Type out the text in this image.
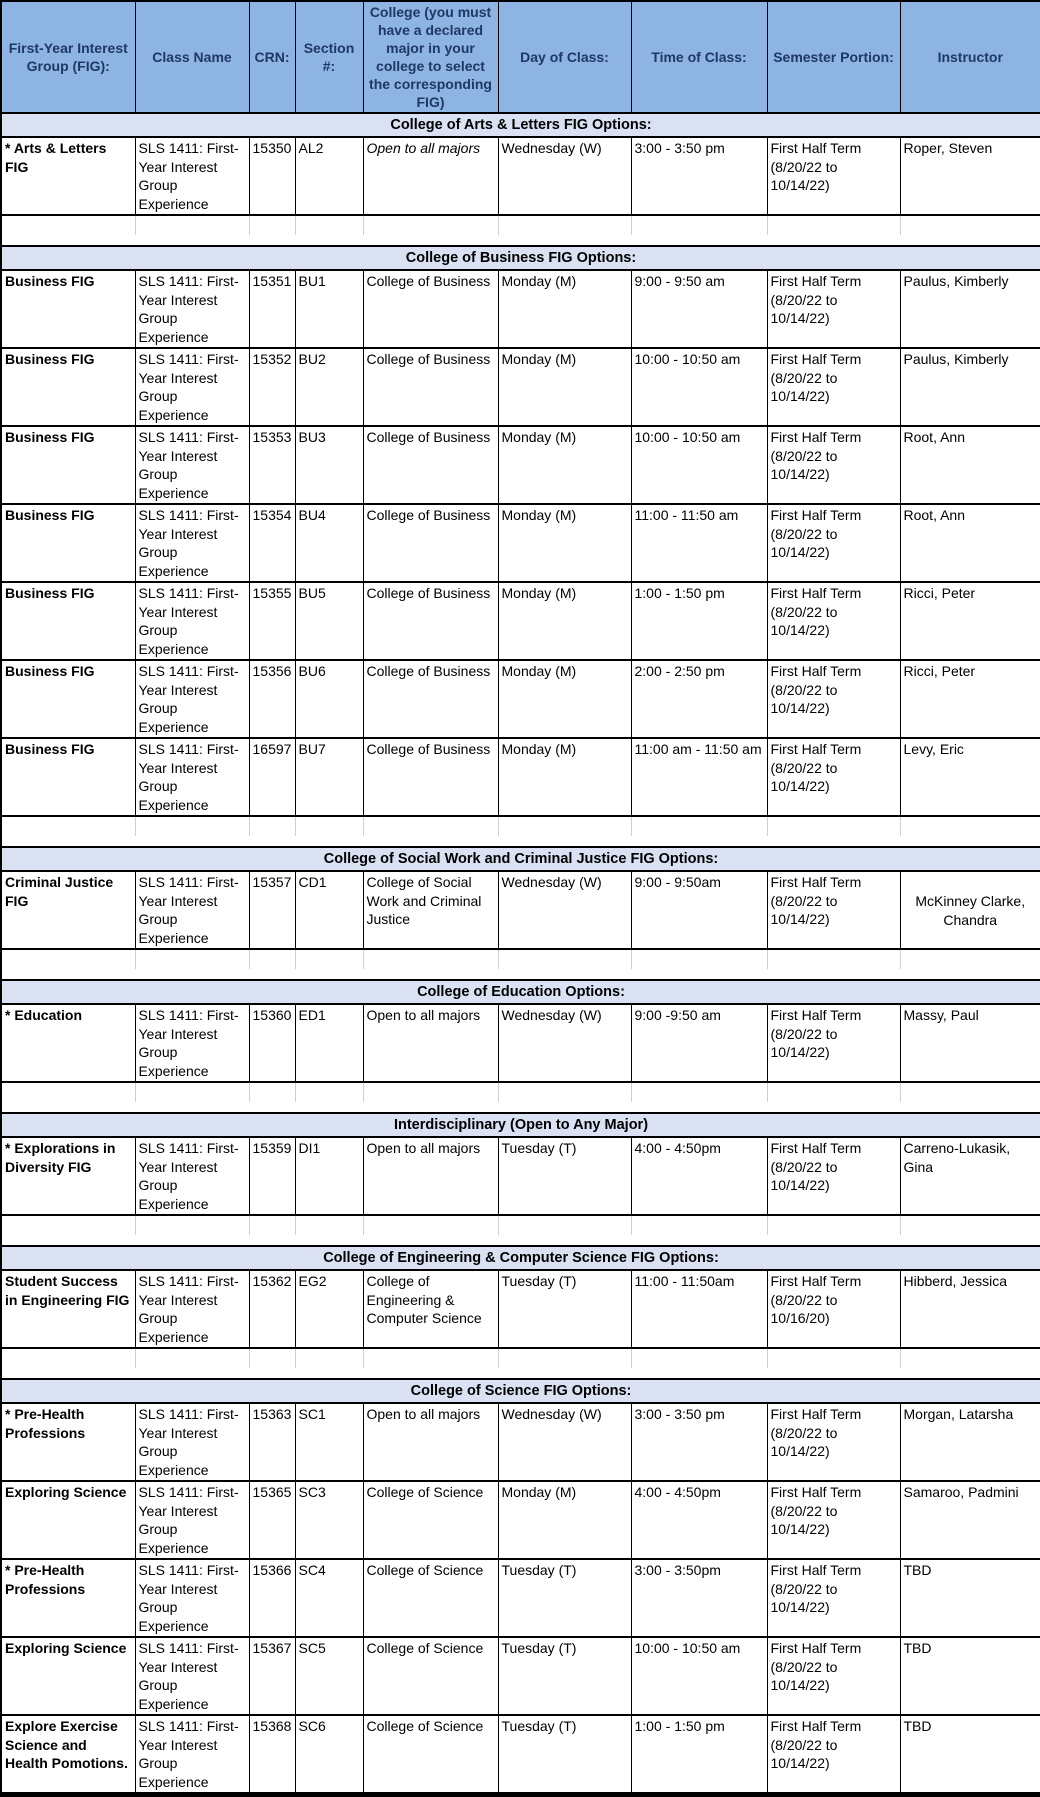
First-Year Interest Group (FIG):	Class Name	CRN:	Section #:	College (you must have a declared major in your college to select the corresponding FIG)	Day of Class:	Time of Class:	Semester Portion:	Instructor
College of Arts & Letters FIG Options:								
* Arts & Letters FIG	SLS 1411: First-Year Interest Group Experience	15350	AL2	Open to all majors	Wednesday (W)	3:00 - 3:50 pm	First Half Term (8/20/22 to 10/14/22)	Roper, Steven

College of Business FIG Options:								
Business FIG	SLS 1411: First-Year Interest Group Experience	15351	BU1	College of Business	Monday (M)	9:00 - 9:50 am	First Half Term (8/20/22 to 10/14/22)	Paulus, Kimberly
Business FIG	SLS 1411: First-Year Interest Group Experience	15352	BU2	College of Business	Monday (M)	10:00 - 10:50 am	First Half Term (8/20/22 to 10/14/22)	Paulus, Kimberly
Business FIG	SLS 1411: First-Year Interest Group Experience	15353	BU3	College of Business	Monday (M)	10:00 - 10:50 am	First Half Term (8/20/22 to 10/14/22)	Root, Ann
Business FIG	SLS 1411: First-Year Interest Group Experience	15354	BU4	College of Business	Monday (M)	11:00 - 11:50 am	First Half Term (8/20/22 to 10/14/22)	Root, Ann
Business FIG	SLS 1411: First-Year Interest Group Experience	15355	BU5	College of Business	Monday (M)	1:00 - 1:50 pm	First Half Term (8/20/22 to 10/14/22)	Ricci, Peter
Business FIG	SLS 1411: First-Year Interest Group Experience	15356	BU6	College of Business	Monday (M)	2:00 - 2:50 pm	First Half Term (8/20/22 to 10/14/22)	Ricci, Peter
Business FIG	SLS 1411: First-Year Interest Group Experience	16597	BU7	College of Business	Monday (M)	11:00 am - 11:50 am	First Half Term (8/20/22 to 10/14/22)	Levy, Eric

College of Social Work and Criminal Justice FIG Options:								
Criminal Justice FIG	SLS 1411: First-Year Interest Group Experience	15357	CD1	College of Social Work and Criminal Justice	Wednesday (W)	9:00 - 9:50am	First Half Term (8/20/22 to 10/14/22)	McKinney Clarke, Chandra

College of Education Options:								
* Education	SLS 1411: First-Year Interest Group Experience	15360	ED1	Open to all majors	Wednesday (W)	9:00 -9:50 am	First Half Term (8/20/22 to 10/14/22)	Massy, Paul

Interdisciplinary (Open to Any Major)								
* Explorations in Diversity FIG	SLS 1411: First-Year Interest Group Experience	15359	DI1	Open to all majors	Tuesday (T)	4:00 - 4:50pm	First Half Term (8/20/22 to 10/14/22)	Carreno-Lukasik, Gina

College of Engineering & Computer Science FIG Options:								
Student Success in Engineering FIG	SLS 1411: First-Year Interest Group Experience	15362	EG2	College of Engineering & Computer Science	Tuesday (T)	11:00 - 11:50am	First Half Term (8/20/22 to 10/16/20)	Hibberd, Jessica

College of Science FIG Options:								
* Pre-Health Professions	SLS 1411: First-Year Interest Group Experience	15363	SC1	Open to all majors	Wednesday (W)	3:00 - 3:50 pm	First Half Term (8/20/22 to 10/14/22)	Morgan, Latarsha
Exploring Science	SLS 1411: First-Year Interest Group Experience	15365	SC3	College of Science	Monday (M)	4:00 - 4:50pm	First Half Term (8/20/22 to 10/14/22)	Samaroo, Padmini
* Pre-Health Professions	SLS 1411: First-Year Interest Group Experience	15366	SC4	College of Science	Tuesday (T)	3:00 - 3:50pm	First Half Term (8/20/22 to 10/14/22)	TBD
Exploring Science	SLS 1411: First-Year Interest Group Experience	15367	SC5	College of Science	Tuesday (T)	10:00 - 10:50 am	First Half Term (8/20/22 to 10/14/22)	TBD
Explore Exercise Science and Health Pomotions.	SLS 1411: First-Year Interest Group Experience	15368	SC6	College of Science	Tuesday (T)	1:00 - 1:50 pm	First Half Term (8/20/22 to 10/14/22)	TBD
